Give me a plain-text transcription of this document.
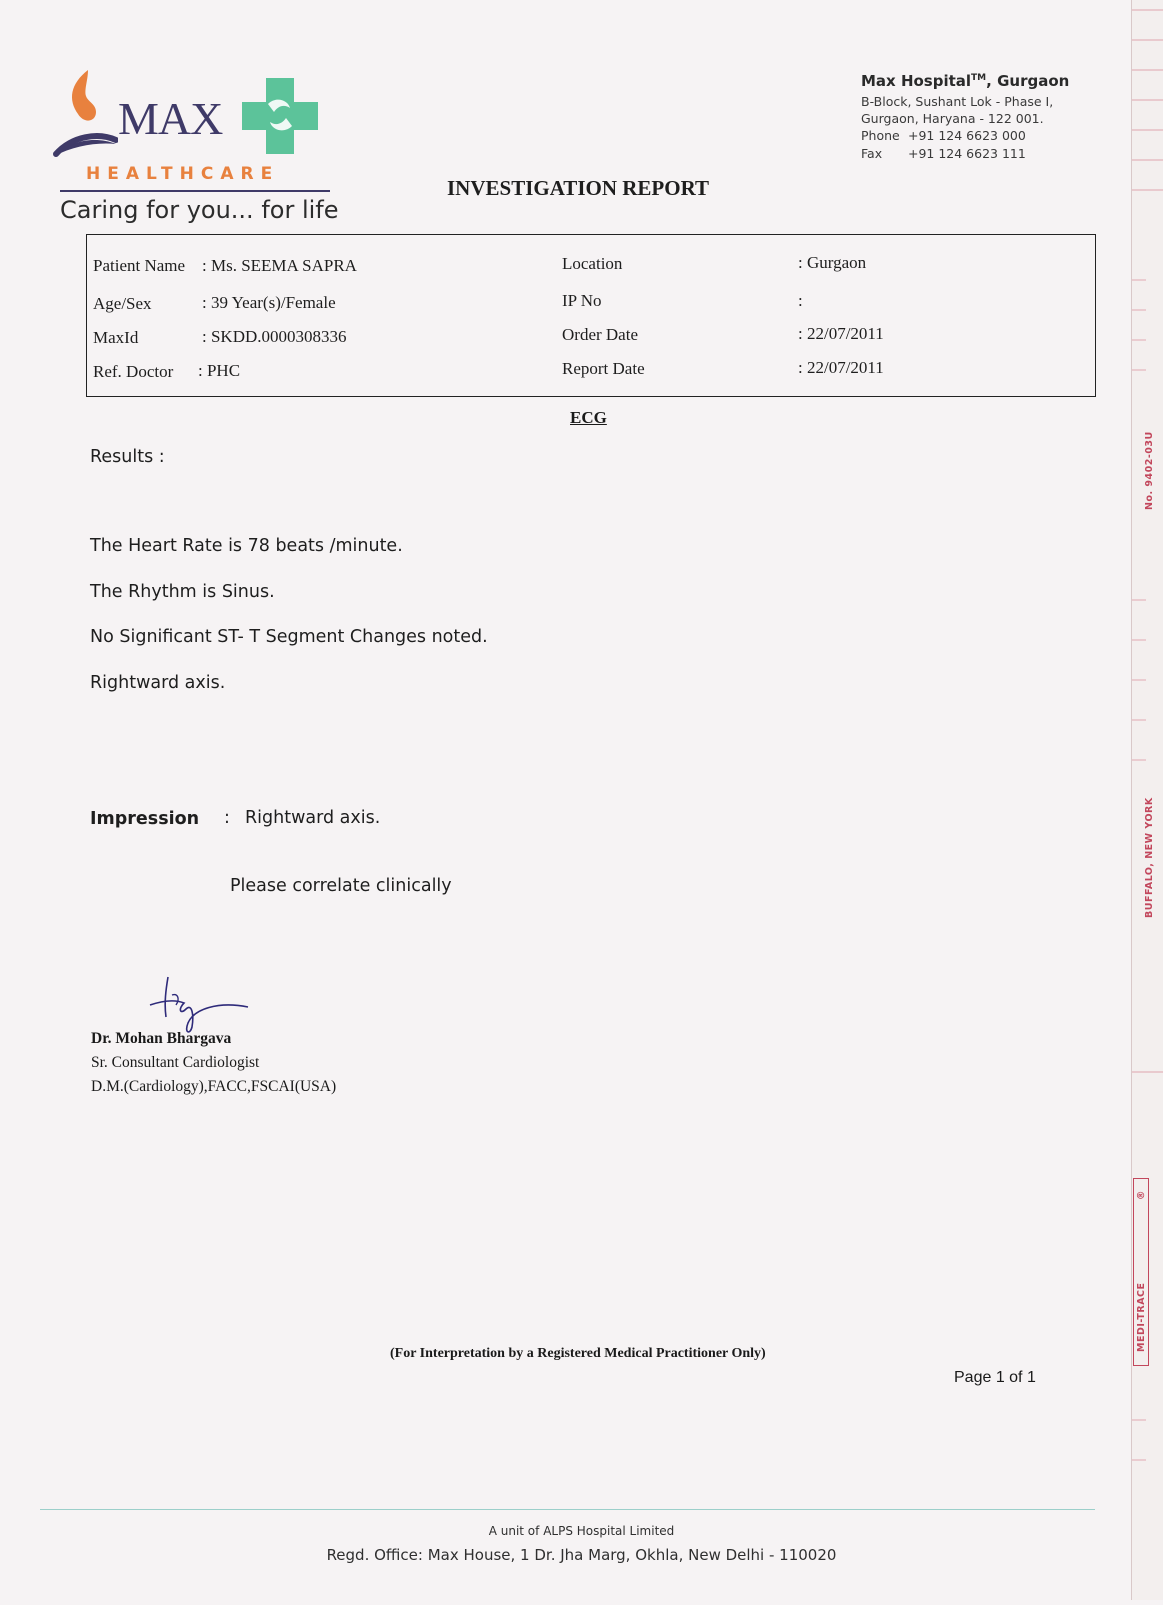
MAX
HEALTHCARE
Caring for you... for life
Max Hospital™, Gurgaon
B-Block, Sushant Lok - Phase I,
Gurgaon, Haryana - 122 001.
Phone +91 124 6623 000
Fax +91 124 6623 111
INVESTIGATION REPORT
Patient Name : Ms. SEEMA SAPRA
Age/Sex	: 39 Year(s)/Female
MaxId	: SKDD.0000308336
Ref. Doctor : PHC
Location	: Gurgaon
IP No	:
Order Date	: 22/07/2011
Report Date	: 22/07/2011
ECG
Results :
The Heart Rate is 78 beats /minute.
The Rhythm is Sinus.
No Significant ST- T Segment Changes noted.
Rightward axis.
Impression : Rightward axis.
Please correlate clinically
Dr. Mohan Bhargava
Sr. Consultant Cardiologist
D.M.(Cardiology),FACC,FSCAI(USA)
(For Interpretation by a Registered Medical Practitioner Only)
Page 1 of 1
A unit of ALPS Hospital Limited
Regd. Office: Max House, 1 Dr. Jha Marg, Okhla, New Delhi - 110020
No. 9402-03U
BUFFALO, NEW YORK
MEDI-TRACE
®
